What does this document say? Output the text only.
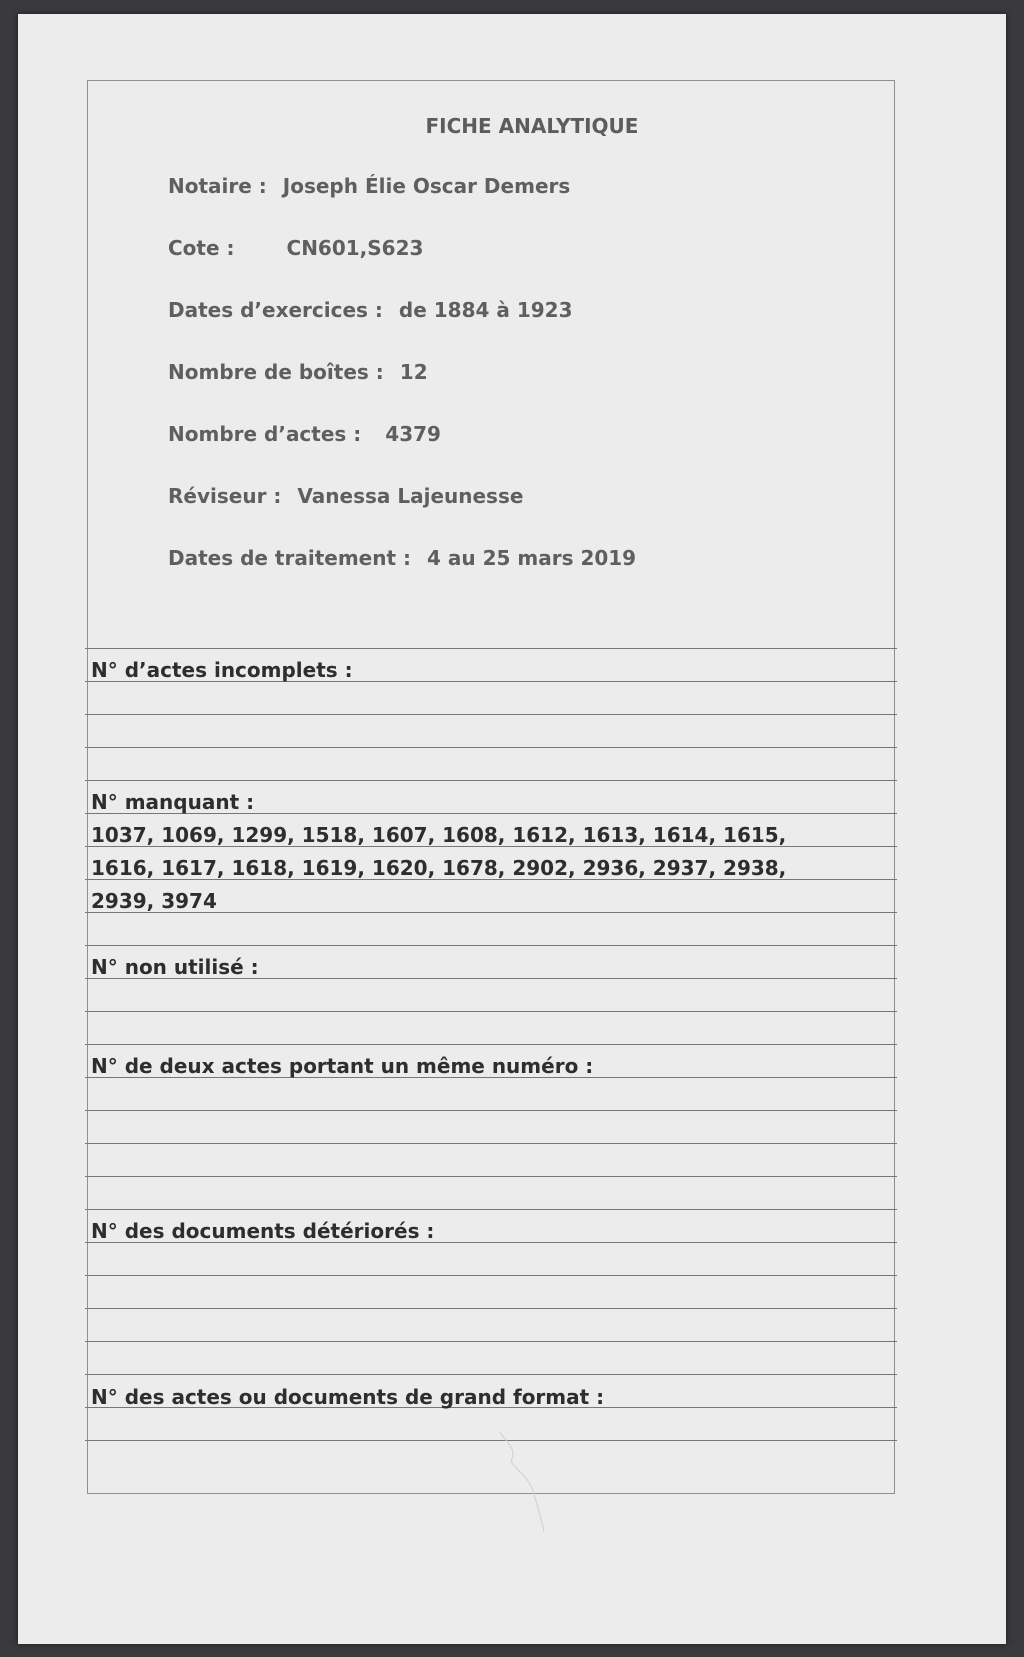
FICHE ANALYTIQUE
Notaire : Joseph Élie Oscar Demers
Cote :	CN601,S623
Dates d’exercices : de 1884 à 1923
Nombre de boîtes : 12
Nombre d’actes : 4379
Réviseur : Vanessa Lajeunesse
Dates de traitement : 4 au 25 mars 2019
N° d’actes incomplets :
N° manquant :
1037, 1069, 1299, 1518, 1607, 1608, 1612, 1613, 1614, 1615,
1616, 1617, 1618, 1619, 1620, 1678, 2902, 2936, 2937, 2938,
2939, 3974
N° non utilisé :
N° de deux actes portant un même numéro :
N° des documents détériorés :
N° des actes ou documents de grand format :
